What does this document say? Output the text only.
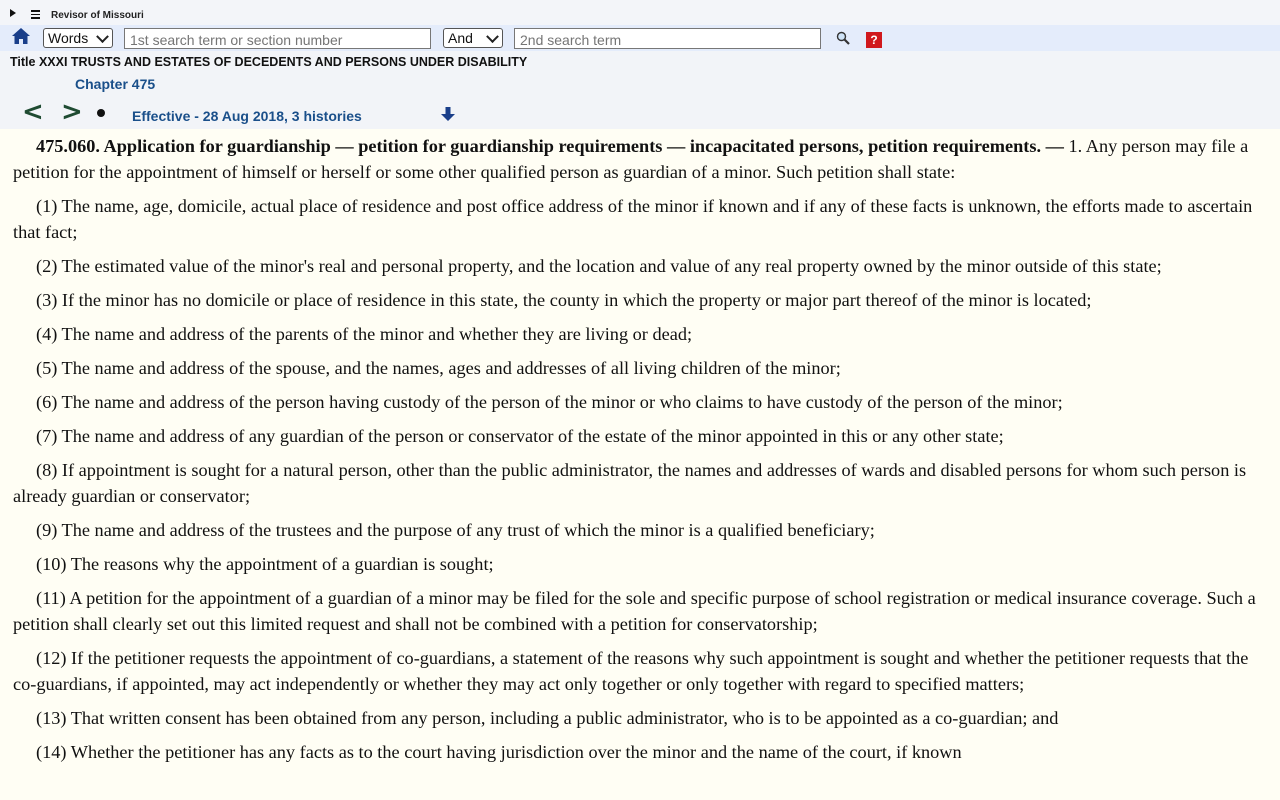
Revisor of Missouri
Words
1st search term or section number	And
2nd search term	?
Title XXXI TRUSTS AND ESTATES OF DECEDENTS AND PERSONS UNDER DISABILITY
Chapter 475
< >	Effective - 28 Aug 2018, 3 histories

475.060. Application for guardianship — petition for guardianship requirements — incapacitated persons, petition requirements. — 1. Any person may file a petition for the appointment of himself or herself or some other qualified person as guardian of a minor. Such petition shall state:

(1) The name, age, domicile, actual place of residence and post office address of the minor if known and if any of these facts is unknown, the efforts made to ascertain that fact;

(2) The estimated value of the minor's real and personal property, and the location and value of any real property owned by the minor outside of this state;

(3) If the minor has no domicile or place of residence in this state, the county in which the property or major part thereof of the minor is located;

(4) The name and address of the parents of the minor and whether they are living or dead;

(5) The name and address of the spouse, and the names, ages and addresses of all living children of the minor;

(6) The name and address of the person having custody of the person of the minor or who claims to have custody of the person of the minor;

(7) The name and address of any guardian of the person or conservator of the estate of the minor appointed in this or any other state;

(8) If appointment is sought for a natural person, other than the public administrator, the names and addresses of wards and disabled persons for whom such person is already guardian or conservator;

(9) The name and address of the trustees and the purpose of any trust of which the minor is a qualified beneficiary;

(10) The reasons why the appointment of a guardian is sought;

(11) A petition for the appointment of a guardian of a minor may be filed for the sole and specific purpose of school registration or medical insurance coverage. Such a petition shall clearly set out this limited request and shall not be combined with a petition for conservatorship;

(12) If the petitioner requests the appointment of co-guardians, a statement of the reasons why such appointment is sought and whether the petitioner requests that the co-guardians, if appointed, may act independently or whether they may act only together or only together with regard to specified matters;

(13) That written consent has been obtained from any person, including a public administrator, who is to be appointed as a co-guardian; and

(14) Whether the petitioner has any facts as to the court having jurisdiction over the minor and the name of the court, if known
